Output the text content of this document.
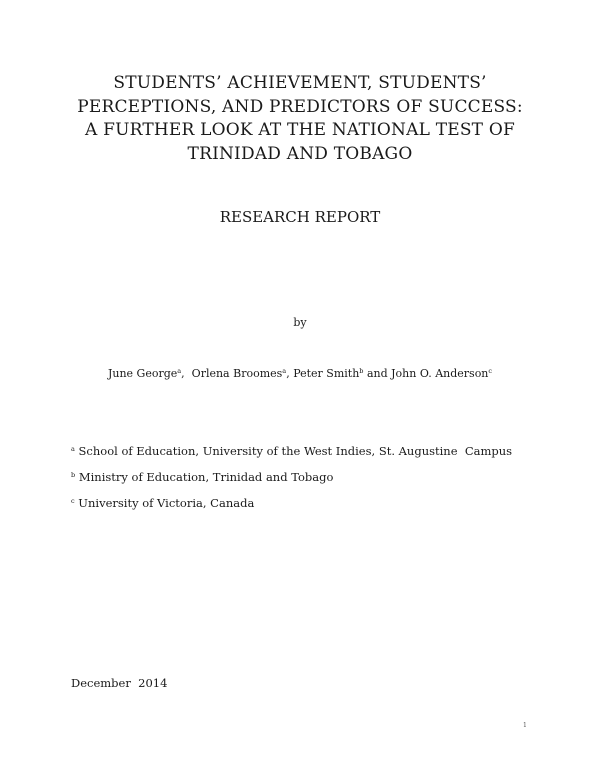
STUDENTS’ ACHIEVEMENT, STUDENTS’
PERCEPTIONS, AND PREDICTORS OF SUCCESS:
A FURTHER LOOK AT THE NATIONAL TEST OF
TRINIDAD AND TOBAGO
RESEARCH REPORT
by
June George$^a$,  Orlena Broomes$^a$, Peter Smith$^b$ and John O. Anderson$^c$
$^a$ School of Education, University of the West Indies, St. Augustine  Campus
$^b$ Ministry of Education, Trinidad and Tobago
$^c$ University of Victoria, Canada
December  2014
1
